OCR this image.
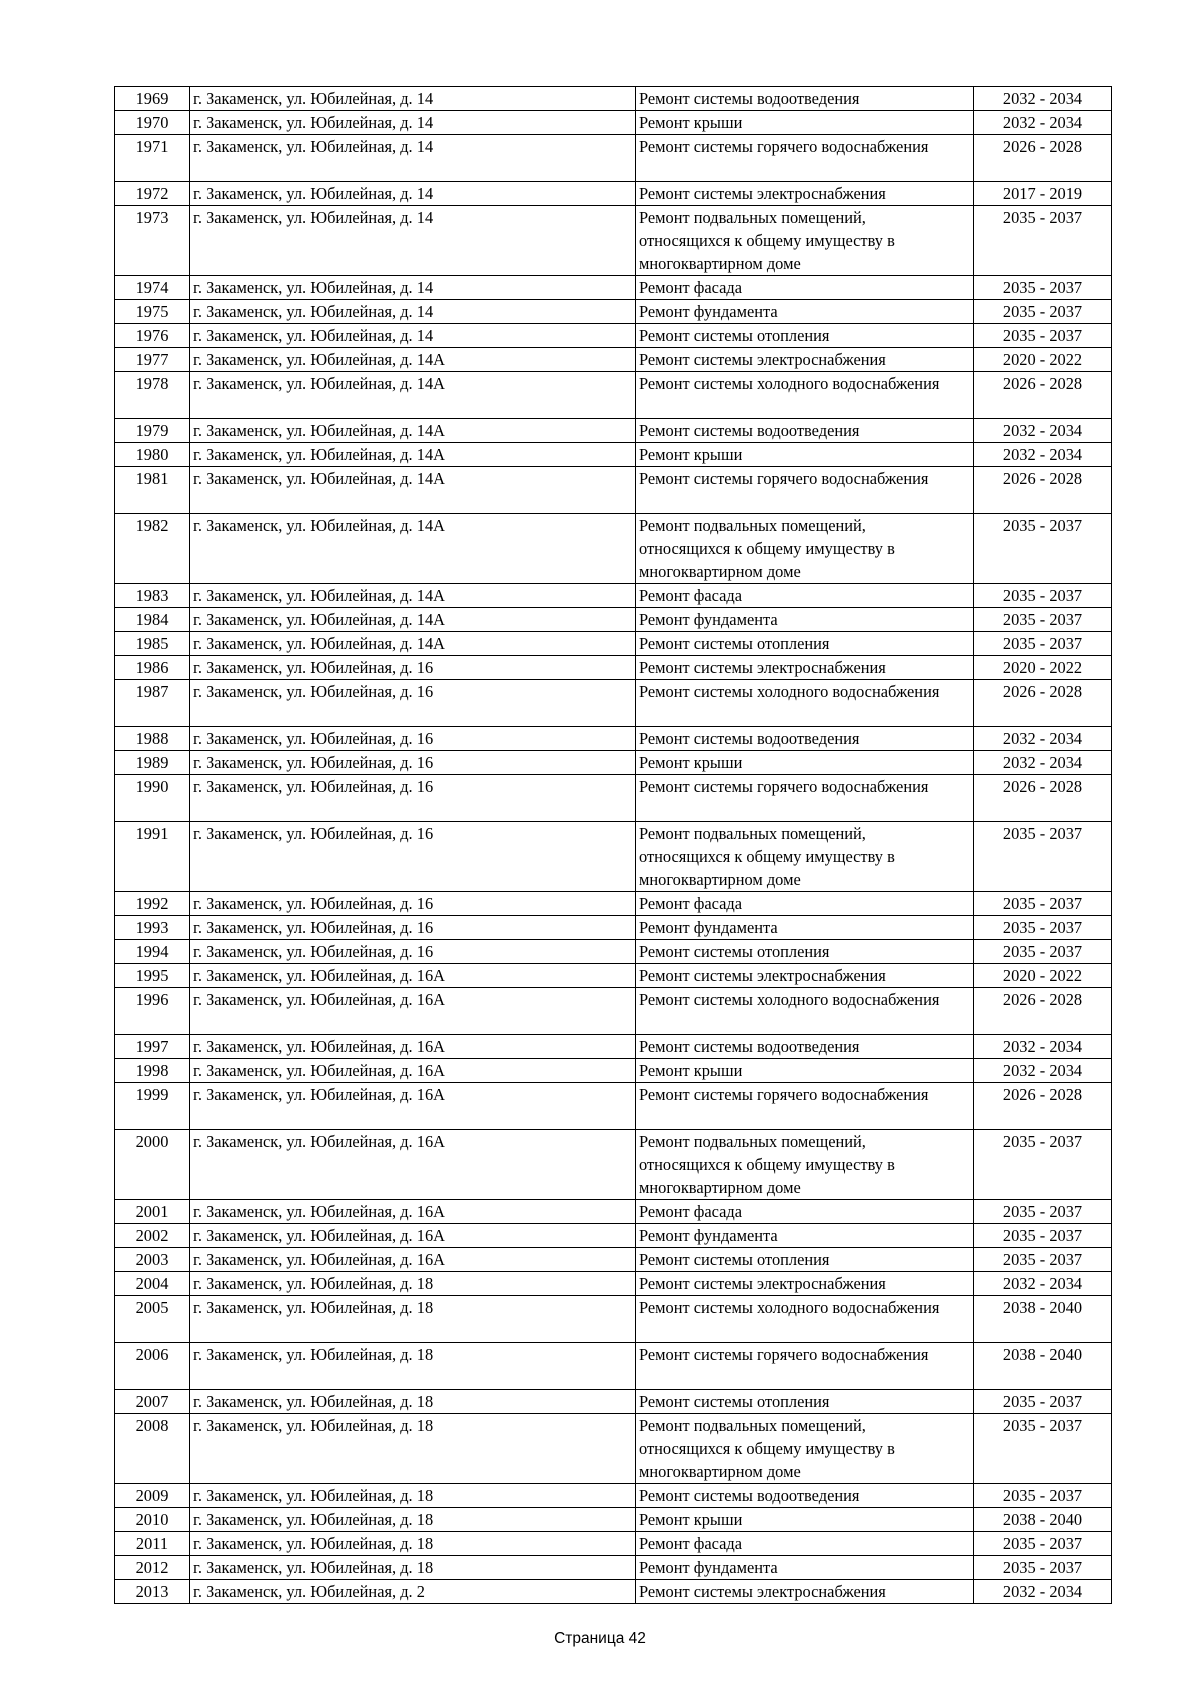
1969	г. Закаменск, ул. Юбилейная, д. 14	Ремонт системы водоотведения	2032 - 2034
1970	г. Закаменск, ул. Юбилейная, д. 14	Ремонт крыши	2032 - 2034
1971	г. Закаменск, ул. Юбилейная, д. 14	Ремонт системы горячего водоснабжения	2026 - 2028
1972	г. Закаменск, ул. Юбилейная, д. 14	Ремонт системы электроснабжения	2017 - 2019
1973	г. Закаменск, ул. Юбилейная, д. 14	Ремонт подвальных помещений,
относящихся к общему имуществу в
многоквартирном доме	2035 - 2037
1974	г. Закаменск, ул. Юбилейная, д. 14	Ремонт фасада	2035 - 2037
1975	г. Закаменск, ул. Юбилейная, д. 14	Ремонт фундамента	2035 - 2037
1976	г. Закаменск, ул. Юбилейная, д. 14	Ремонт системы отопления	2035 - 2037
1977	г. Закаменск, ул. Юбилейная, д. 14А	Ремонт системы электроснабжения	2020 - 2022
1978	г. Закаменск, ул. Юбилейная, д. 14А	Ремонт системы холодного водоснабжения	2026 - 2028
1979	г. Закаменск, ул. Юбилейная, д. 14А	Ремонт системы водоотведения	2032 - 2034
1980	г. Закаменск, ул. Юбилейная, д. 14А	Ремонт крыши	2032 - 2034
1981	г. Закаменск, ул. Юбилейная, д. 14А	Ремонт системы горячего водоснабжения	2026 - 2028
1982	г. Закаменск, ул. Юбилейная, д. 14А	Ремонт подвальных помещений,
относящихся к общему имуществу в
многоквартирном доме	2035 - 2037
1983	г. Закаменск, ул. Юбилейная, д. 14А	Ремонт фасада	2035 - 2037
1984	г. Закаменск, ул. Юбилейная, д. 14А	Ремонт фундамента	2035 - 2037
1985	г. Закаменск, ул. Юбилейная, д. 14А	Ремонт системы отопления	2035 - 2037
1986	г. Закаменск, ул. Юбилейная, д. 16	Ремонт системы электроснабжения	2020 - 2022
1987	г. Закаменск, ул. Юбилейная, д. 16	Ремонт системы холодного водоснабжения	2026 - 2028
1988	г. Закаменск, ул. Юбилейная, д. 16	Ремонт системы водоотведения	2032 - 2034
1989	г. Закаменск, ул. Юбилейная, д. 16	Ремонт крыши	2032 - 2034
1990	г. Закаменск, ул. Юбилейная, д. 16	Ремонт системы горячего водоснабжения	2026 - 2028
1991	г. Закаменск, ул. Юбилейная, д. 16	Ремонт подвальных помещений,
относящихся к общему имуществу в
многоквартирном доме	2035 - 2037
1992	г. Закаменск, ул. Юбилейная, д. 16	Ремонт фасада	2035 - 2037
1993	г. Закаменск, ул. Юбилейная, д. 16	Ремонт фундамента	2035 - 2037
1994	г. Закаменск, ул. Юбилейная, д. 16	Ремонт системы отопления	2035 - 2037
1995	г. Закаменск, ул. Юбилейная, д. 16А	Ремонт системы электроснабжения	2020 - 2022
1996	г. Закаменск, ул. Юбилейная, д. 16А	Ремонт системы холодного водоснабжения	2026 - 2028
1997	г. Закаменск, ул. Юбилейная, д. 16А	Ремонт системы водоотведения	2032 - 2034
1998	г. Закаменск, ул. Юбилейная, д. 16А	Ремонт крыши	2032 - 2034
1999	г. Закаменск, ул. Юбилейная, д. 16А	Ремонт системы горячего водоснабжения	2026 - 2028
2000	г. Закаменск, ул. Юбилейная, д. 16А	Ремонт подвальных помещений,
относящихся к общему имуществу в
многоквартирном доме	2035 - 2037
2001	г. Закаменск, ул. Юбилейная, д. 16А	Ремонт фасада	2035 - 2037
2002	г. Закаменск, ул. Юбилейная, д. 16А	Ремонт фундамента	2035 - 2037
2003	г. Закаменск, ул. Юбилейная, д. 16А	Ремонт системы отопления	2035 - 2037
2004	г. Закаменск, ул. Юбилейная, д. 18	Ремонт системы электроснабжения	2032 - 2034
2005	г. Закаменск, ул. Юбилейная, д. 18	Ремонт системы холодного водоснабжения	2038 - 2040
2006	г. Закаменск, ул. Юбилейная, д. 18	Ремонт системы горячего водоснабжения	2038 - 2040
2007	г. Закаменск, ул. Юбилейная, д. 18	Ремонт системы отопления	2035 - 2037
2008	г. Закаменск, ул. Юбилейная, д. 18	Ремонт подвальных помещений,
относящихся к общему имуществу в
многоквартирном доме	2035 - 2037
2009	г. Закаменск, ул. Юбилейная, д. 18	Ремонт системы водоотведения	2035 - 2037
2010	г. Закаменск, ул. Юбилейная, д. 18	Ремонт крыши	2038 - 2040
2011	г. Закаменск, ул. Юбилейная, д. 18	Ремонт фасада	2035 - 2037
2012	г. Закаменск, ул. Юбилейная, д. 18	Ремонт фундамента	2035 - 2037
2013	г. Закаменск, ул. Юбилейная, д. 2	Ремонт системы электроснабжения	2032 - 2034
Страница 42
